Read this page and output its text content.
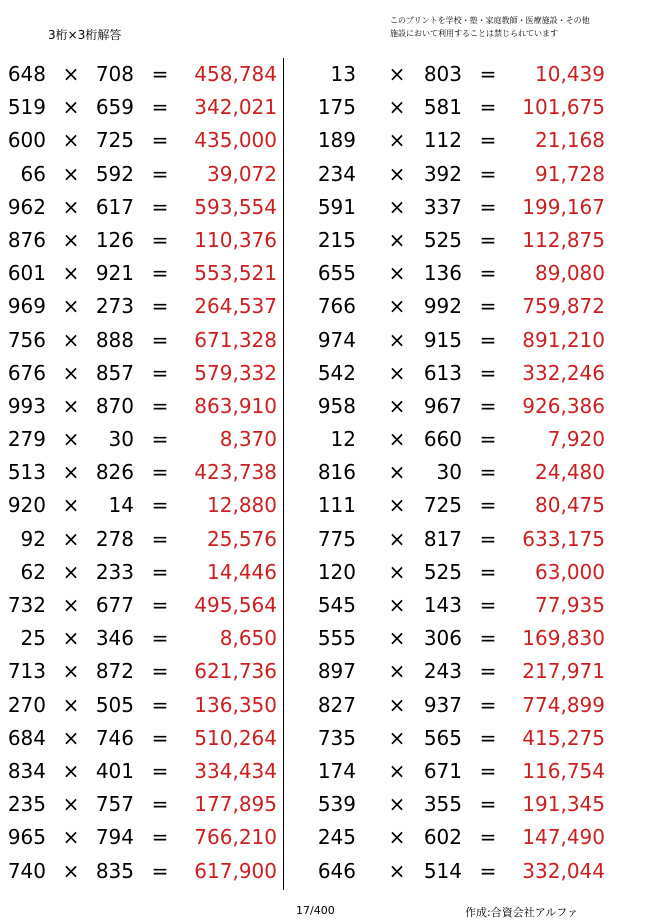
3桁×3桁解答
このプリントを学校・塾・家庭教師・医療施設・その他
施設において利用することは禁じられています
648 × 708 =	458,784
519 × 659 =	342,021
600 × 725 =	435,000
66 × 592 =	39,072
962 × 617 =	593,554
876 × 126 =	110,376
601 × 921 =	553,521
969 × 273 =	264,537
756 × 888 =	671,328
676 × 857 =	579,332
993 × 870 =	863,910
279 ×	30 =	8,370
513 × 826 =	423,738
920 ×	14 =	12,880
92 × 278 =	25,576
62 × 233 =	14,446
732 × 677 =	495,564
25 × 346 =	8,650
713 × 872 =	621,736
270 × 505 =	136,350
684 × 746 =	510,264
834 × 401 =	334,434
235 × 757 =	177,895
965 × 794 =	766,210
740 × 835 =	617,900
13 × 803 =	10,439
175 × 581 =	101,675
189 × 112 =	21,168
234 × 392 =	91,728
591 × 337 =	199,167
215 × 525 =	112,875
655 × 136 =	89,080
766 × 992 =	759,872
974 × 915 =	891,210
542 × 613 =	332,246
958 × 967 =	926,386
12 × 660 =	7,920
816 ×	30 =	24,480
111 × 725 =	80,475
775 × 817 =	633,175
120 × 525 =	63,000
545 × 143 =	77,935
555 × 306 =	169,830
897 × 243 =	217,971
827 × 937 =	774,899
735 × 565 =	415,275
174 × 671 =	116,754
539 × 355 =	191,345
245 × 602 =	147,490
646 × 514 =	332,044
17/400	作成:合資会社アルファ
